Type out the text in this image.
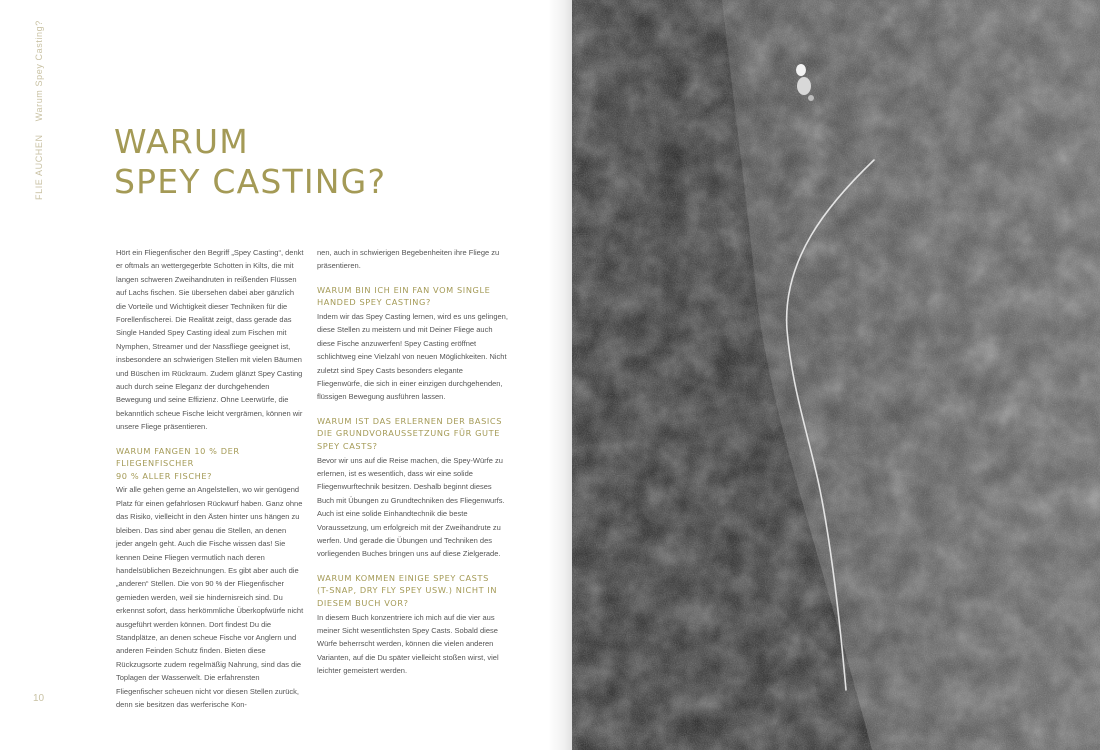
FLIE AUCHEN Warum Spey Casting?
WARUM
SPEY CASTING?

Hört ein Fliegenfischer den Begriff „Spey Casting“, denkt er oftmals an wettergegerbte Schotten in Kilts, die mit langen schweren Zweihandruten in reißenden Flüssen auf Lachs fischen. Sie übersehen dabei aber gänzlich die Vorteile und Wichtigkeit dieser Techniken für die Forellenfischerei. Die Realität zeigt, dass gerade das Single Handed Spey Casting ideal zum Fischen mit Nymphen, Streamer und der Nassfliege geeignet ist, insbesondere an schwierigen Stellen mit vielen Bäumen und Büschen im Rückraum. Zudem glänzt Spey Casting auch durch seine Eleganz der durchgehenden Bewegung und seine Effizienz. Ohne Leerwürfe, die bekanntlich scheue Fische leicht vergrämen, können wir unsere Fliege präsentieren.

WARUM FANGEN 10 % DER FLIEGENFISCHER
90 % ALLER FISCHE?

Wir alle gehen gerne an Angelstellen, wo wir genügend Platz für einen gefahrlosen Rückwurf haben. Ganz ohne das Risiko, vielleicht in den Ästen hinter uns hängen zu bleiben. Das sind aber genau die Stellen, an denen jeder angeln geht. Auch die Fische wissen das! Sie kennen Deine Fliegen vermutlich nach deren handelsüblichen Bezeichnungen. Es gibt aber auch die „anderen“ Stellen. Die von 90 % der Fliegenfischer gemieden werden, weil sie hindernisreich sind. Du erkennst sofort, dass herkömmliche Überkopfwürfe nicht ausgeführt werden können. Dort findest Du die Standplätze, an denen scheue Fische vor Anglern und anderen Feinden Schutz finden. Bieten diese Rückzugsorte zudem regelmäßig Nahrung, sind das die Toplagen der Wasserwelt. Die erfahrensten Fliegenfischer scheuen nicht vor diesen Stellen zurück, denn sie besitzen das werferische Kon-

nen, auch in schwierigen Begebenheiten ihre Fliege zu präsentieren.

WARUM BIN ICH EIN FAN VOM SINGLE
HANDED SPEY CASTING?

Indem wir das Spey Casting lernen, wird es uns gelingen, diese Stellen zu meistern und mit Deiner Fliege auch diese Fische anzuwerfen! Spey Casting eröffnet schlichtweg eine Vielzahl von neuen Möglichkeiten. Nicht zuletzt sind Spey Casts besonders elegante Fliegenwürfe, die sich in einer einzigen durchgehenden, flüssigen Bewegung ausführen lassen.

WARUM IST DAS ERLERNEN DER BASICS
DIE GRUNDVORAUSSETZUNG FÜR GUTE
SPEY CASTS?

Bevor wir uns auf die Reise machen, die Spey-Würfe zu erlernen, ist es wesentlich, dass wir eine solide Fliegenwurftechnik besitzen. Deshalb beginnt dieses Buch mit Übungen zu Grundtechniken des Fliegenwurfs. Auch ist eine solide Einhandtechnik die beste Voraussetzung, um erfolgreich mit der Zweihandrute zu werfen. Und gerade die Übungen und Techniken des vorliegenden Buches bringen uns auf diese Zielgerade.

WARUM KOMMEN EINIGE SPEY CASTS
(T-SNAP, DRY FLY SPEY USW.) NICHT IN
DIESEM BUCH VOR?

In diesem Buch konzentriere ich mich auf die vier aus meiner Sicht wesentlichsten Spey Casts. Sobald diese Würfe beherrscht werden, können die vielen anderen Varianten, auf die Du später vielleicht stoßen wirst, viel leichter gemeistert werden.

10
